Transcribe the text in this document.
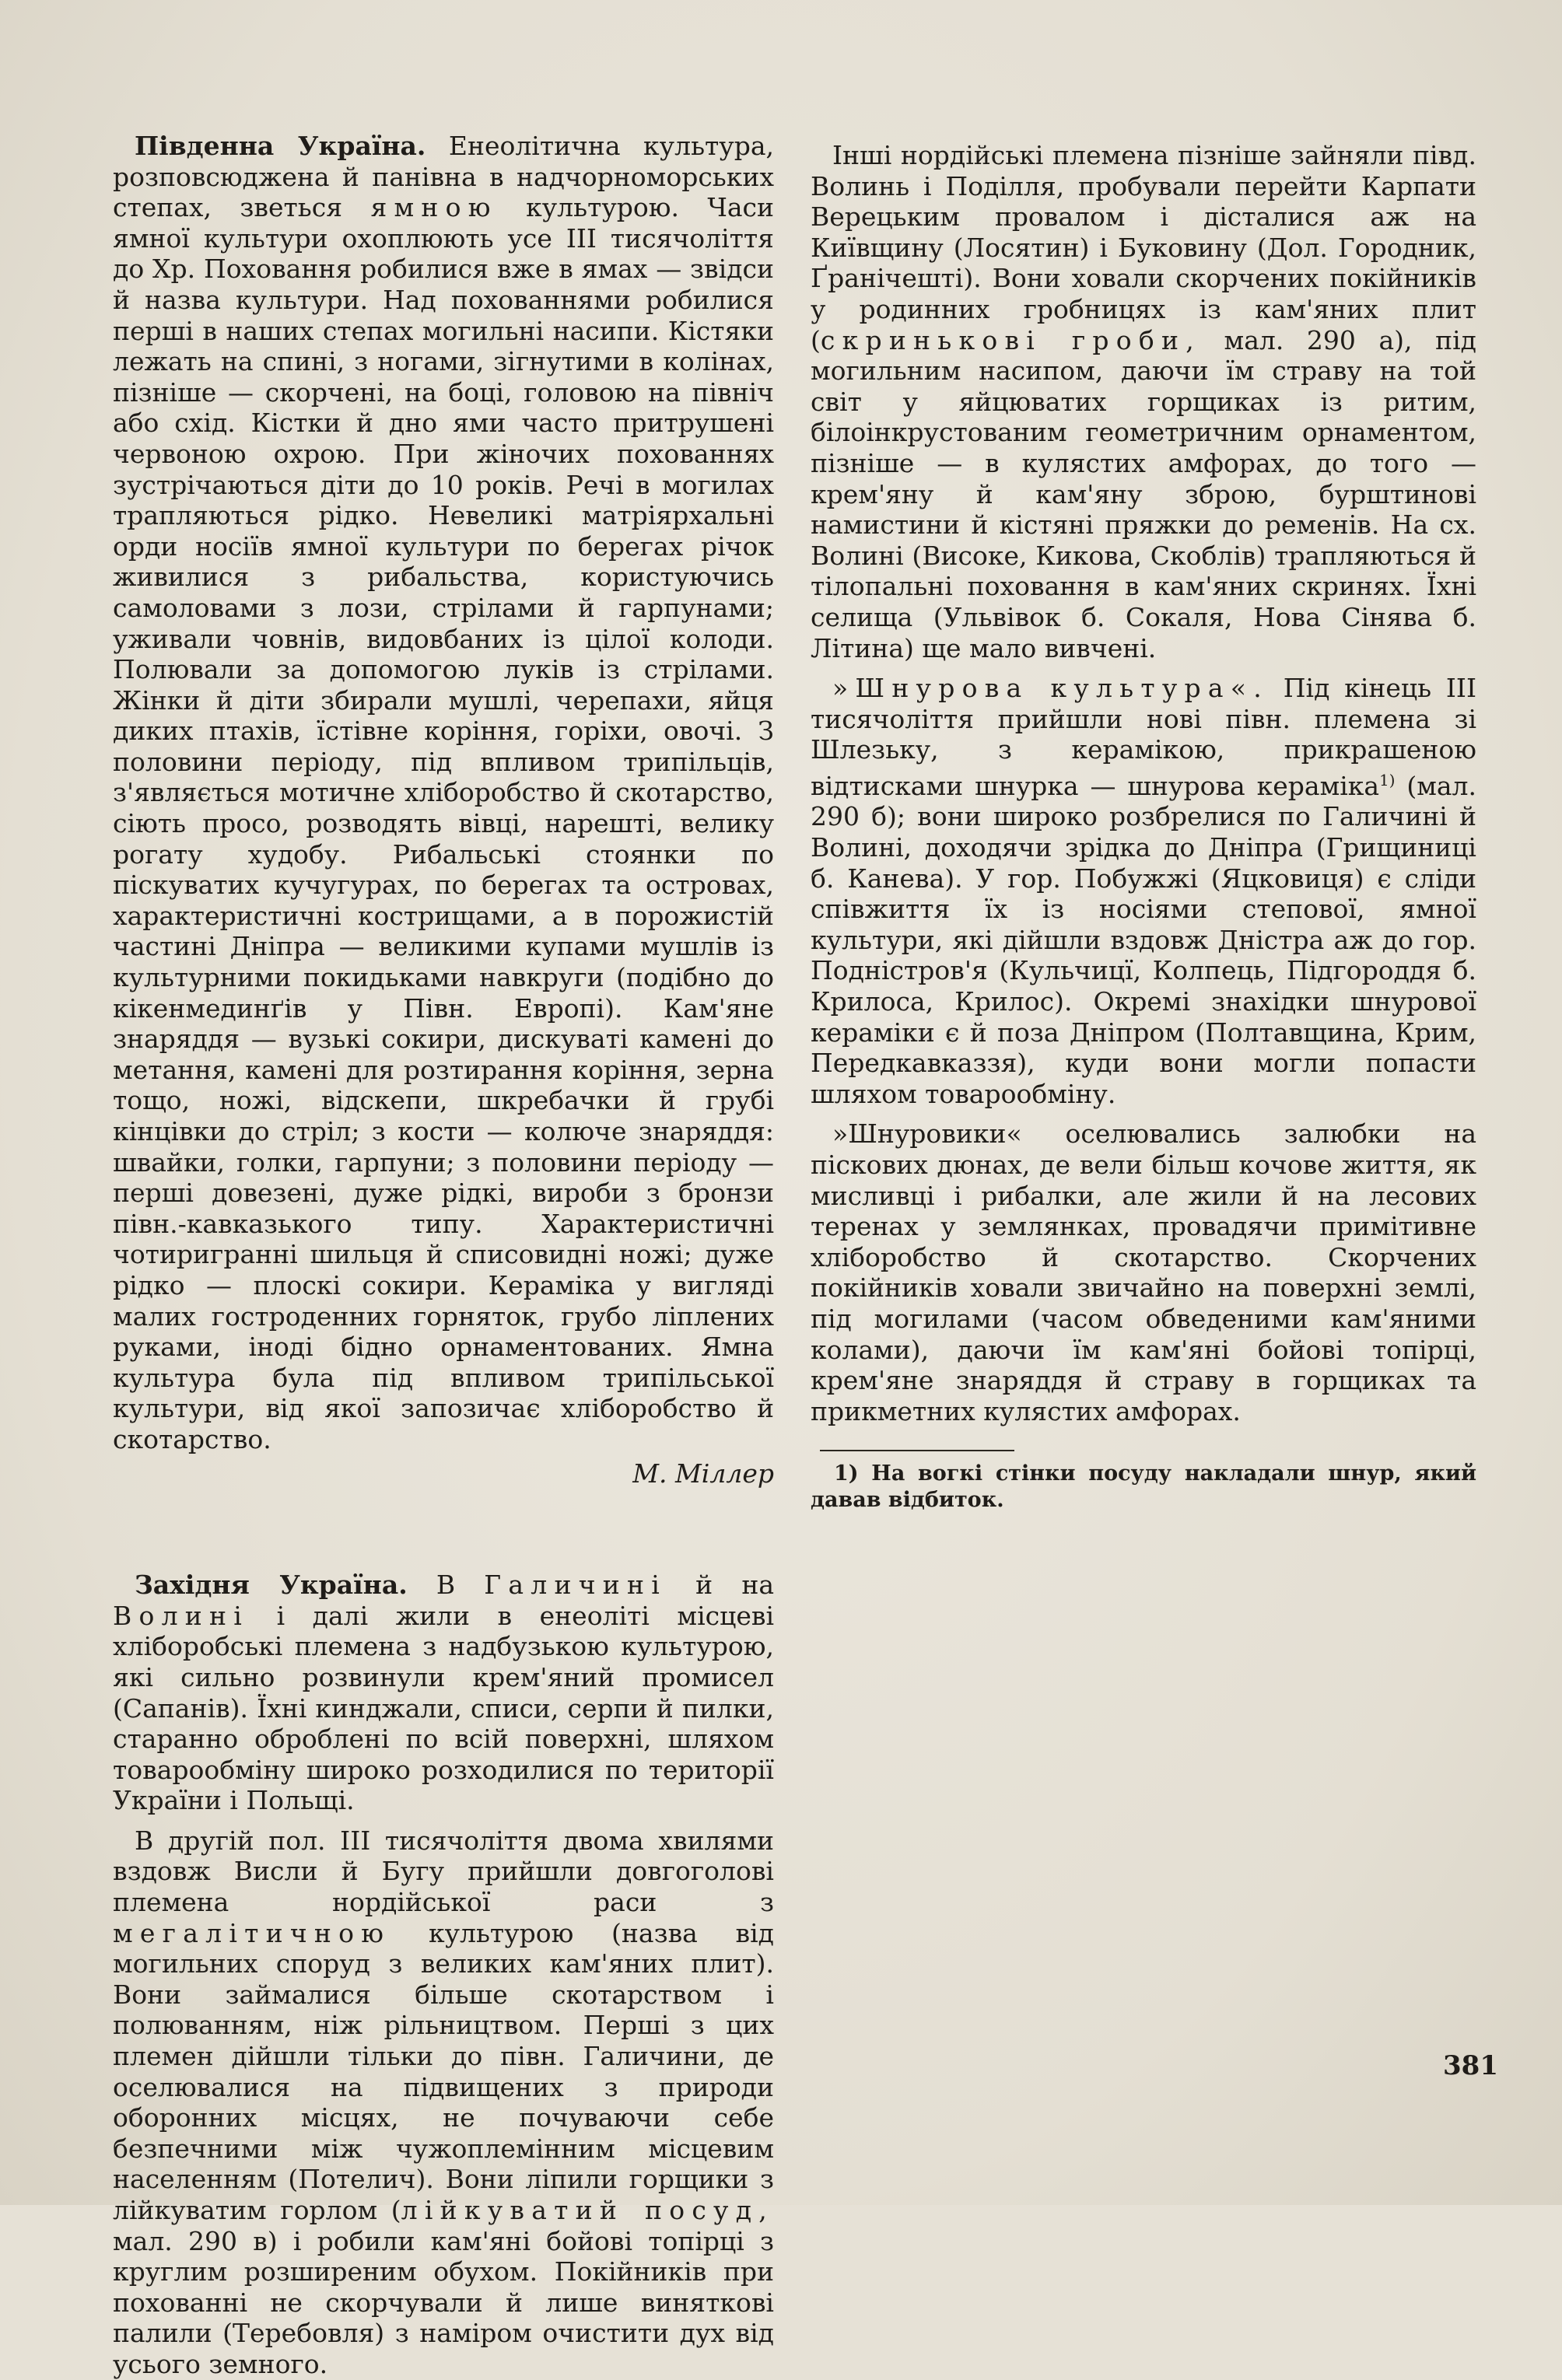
Південна Україна. Енеолітична культура, розповсюджена й панівна в надчорноморських степах, зветься ямною культурою. Часи ямної культури охоплюють усе III тисячоліття до Хр. Поховання робилися вже в ямах — звідси й назва культури. Над похованнями робилися перші в наших степах могильні насипи. Кістяки лежать на спині, з ногами, зігнутими в колінах, пізніше — скорчені, на боці, головою на північ або схід. Кістки й дно ями часто притрушені червоною охрою. При жіночих похованнях зустрічаються діти до 10 років. Речі в могилах трапляються рідко. Невеликі матріярхальні орди носіїв ямної культури по берегах річок живилися з рибальства, користуючись самоловами з лози, стрілами й гарпунами; уживали човнів, видовбаних із цілої колоди. Полювали за допомогою луків із стрілами. Жінки й діти збирали мушлі, черепахи, яйця диких птахів, їстівне коріння, горіхи, овочі. З половини періоду, під впливом трипільців, з'являється мотичне хліборобство й скотарство, сіють просо, розводять вівці, нарешті, велику рогату худобу. Рибальські стоянки по піскуватих кучугурах, по берегах та островах, характеристичні кострищами, а в порожистій частині Дніпра — великими купами мушлів із культурними покидьками навкруги (подібно до кікенмединґів у Півн. Европі). Кам'яне знаряддя — вузькі сокири, дискуваті камені до метання, камені для розтирання коріння, зерна тощо, ножі, відскепи, шкребачки й грубі кінцівки до стріл; з кости — колюче знаряддя: швайки, голки, гарпуни; з половини періоду — перші довезені, дуже рідкі, вироби з бронзи півн.-кавказького типу. Характеристичні чотиригранні шильця й списовидні ножі; дуже рідко — плоскі сокири. Кераміка у вигляді малих гостроденних горняток, грубо ліплених руками, іноді бідно орнаментованих. Ямна культура була під впливом трипільської культури, від якої запозичає хліборобство й скотарство.

М. Міллер

Західня Україна. В Галичині й на Волині і далі жили в енеоліті місцеві хліборобські племена з надбузькою культурою, які сильно розвинули крем'яний промисел (Сапанів). Їхні кинджали, списи, серпи й пилки, старанно оброблені по всій поверхні, шляхом товарообміну широко розходилися по території України і Польщі.

В другій пол. III тисячоліття двома хвилями вздовж Висли й Бугу прийшли довгоголові племена нордійської раси з мегалітичною культурою (назва від могильних споруд з великих кам'яних плит). Вони займалися більше скотарством і полюванням, ніж рільництвом. Перші з цих племен дійшли тільки до півн. Галичини, де оселювалися на підвищених з природи оборонних місцях, не почуваючи себе безпечними між чужоплемінним місцевим населенням (Потелич). Вони ліпили горщики з лійкуватим горлом (лійкуватий посуд, мал. 290 в) і робили кам'яні бойові топірці з круглим розширеним обухом. Покійників при похованні не скорчували й лише виняткові палили (Теребовля) з наміром очистити дух від усього земного.

Інші нордійські племена пізніше зайняли півд. Волинь і Поділля, пробували перейти Карпати Верецьким провалом і дісталися аж на Київщину (Лосятин) і Буковину (Дол. Городник, Ґранічешті). Вони ховали скорчених покійників у родинних гробницях із кам'яних плит (скринькові гроби, мал. 290 а), під могильним насипом, даючи їм страву на той світ у яйцюватих горщиках із ритим, білоінкрустованим геометричним орнаментом, пізніше — в кулястих амфорах, до того — крем'яну й кам'яну зброю, бурштинові намистини й кістяні пряжки до ременів. На сх. Волині (Високе, Кикова, Скоблів) трапляються й тілопальні поховання в кам'яних скринях. Їхні селища (Ульвівок б. Сокаля, Нова Сінява б. Літина) ще мало вивчені.

»Шнурова культура«. Під кінець III тисячоліття прийшли нові півн. племена зі Шлезьку, з керамікою, прикрашеною відтисками шнурка — шнурова кераміка$^{1)}$ (мал. 290 б); вони широко розбрелися по Галичині й Волині, доходячи зрідка до Дніпра (Грищиниці б. Канева). У гор. Побужжі (Яцковиця) є сліди співжиття їх із носіями степової, ямної культури, які дійшли вздовж Дністра аж до гор. Подністров'я (Кульчицї, Колпець, Підгороддя б. Крилоса, Крилос). Окремі знахідки шнурової кераміки є й поза Дніпром (Полтавщина, Крим, Передкавказзя), куди вони могли попасти шляхом товарообміну.

»Шнуровики« оселювались залюбки на піскових дюнах, де вели більш кочове життя, як мисливці і рибалки, але жили й на лесових теренах у землянках, провадячи примітивне хліборобство й скотарство. Скорчених покійників ховали звичайно на поверхні землі, під могилами (часом обведеними кам'яними колами), даючи їм кам'яні бойові топірці, крем'яне знаряддя й страву в горщиках та прикметних кулястих амфорах.

1) На вогкі стінки посуду накладали шнур, який давав відбиток.

381
